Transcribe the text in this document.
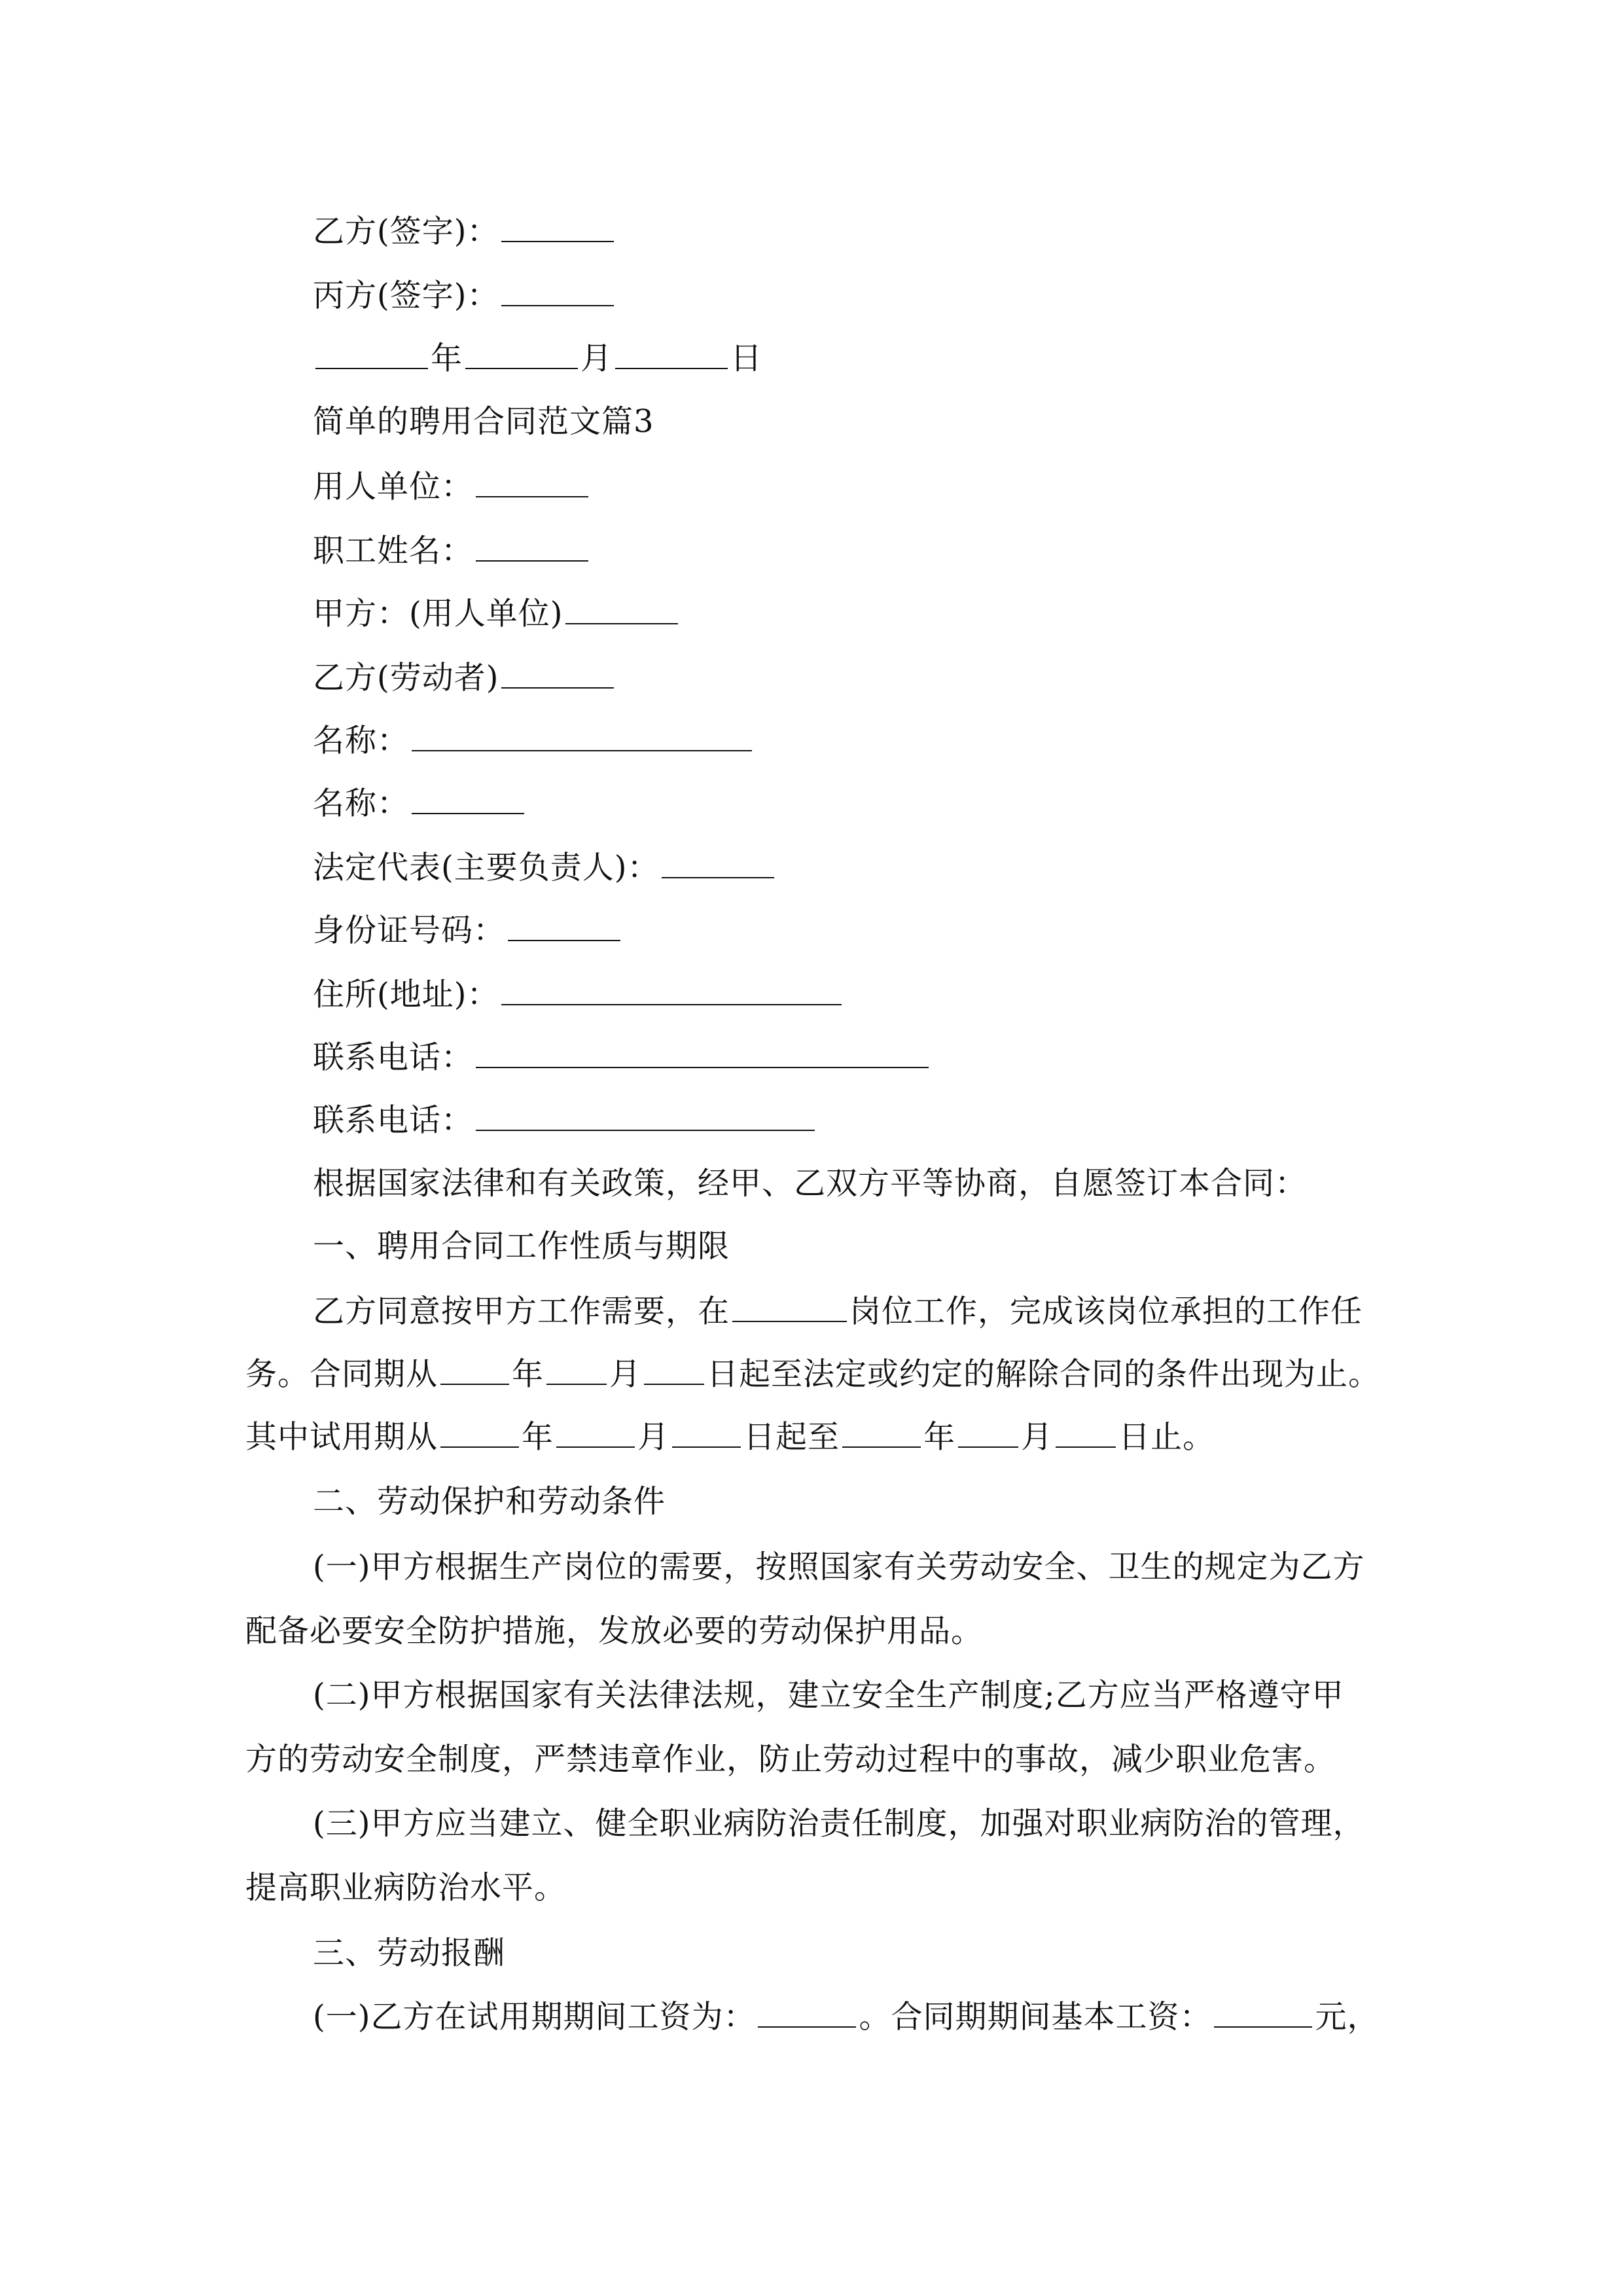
乙方(签字)：
丙方(签字)：
年	月	日
简单的聘用合同范文篇3
用人单位：
职工姓名：
甲方：(用人单位)
乙方(劳动者)
名称：
名称：
法定代表(主要负责人)：
身份证号码：
住所(地址)：
联系电话：
联系电话：
根据国家法律和有关政策，经甲、乙双方平等协商，自愿签订本合同：
一、聘用合同工作性质与期限
乙方同意按甲方工作需要，在	岗位工作，完成该岗位承担的工作任
务。合同期从 年 月 日起至法定或约定的解除合同的条件出现为止。
其中试用期从	年	月 日起至	年 月 日止。
二、劳动保护和劳动条件
(一)甲方根据生产岗位的需要，按照国家有关劳动安全、卫生的规定为乙方
配备必要安全防护措施，发放必要的劳动保护用品。
(二)甲方根据国家有关法律法规，建立安全生产制度;乙方应当严格遵守甲
方的劳动安全制度，严禁违章作业，防止劳动过程中的事故，减少职业危害。
(三)甲方应当建立、健全职业病防治责任制度，加强对职业病防治的管理，
提高职业病防治水平。
三、劳动报酬
(一)乙方在试用期期间工资为：	。合同期期间基本工资：	元，
